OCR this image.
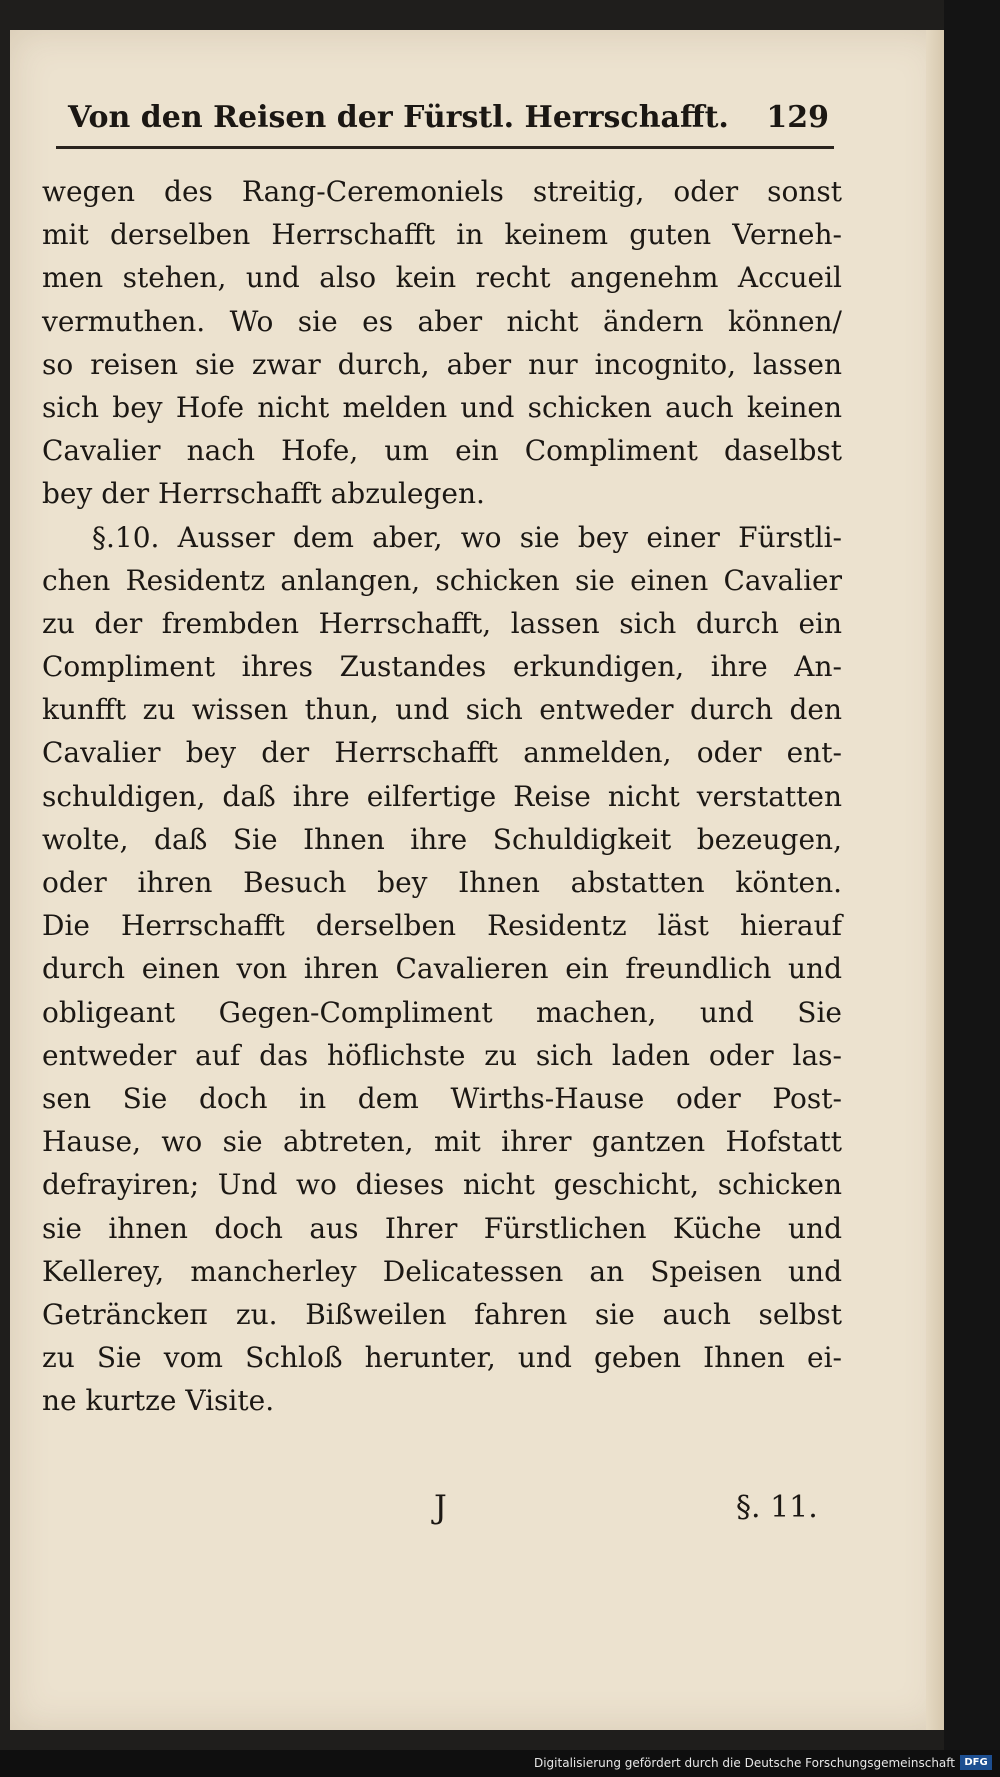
Von den Reisen der Fürstl. Herrschafft. 129
wegen des Rang-Ceremoniels streitig, oder sonst
mit derselben Herrschafft in keinem guten Verneh-
men stehen, und also kein recht angenehm Accueil
vermuthen. Wo sie es aber nicht ändern können/
so reisen sie zwar durch, aber nur incognito, lassen
sich bey Hofe nicht melden und schicken auch keinen
Cavalier nach Hofe, um ein Compliment daselbst
bey der Herrschafft abzulegen.
§.10. Ausser dem aber, wo sie bey einer Fürstli-
chen Residentz anlangen, schicken sie einen Cavalier
zu der frembden Herrschafft, lassen sich durch ein
Compliment ihres Zustandes erkundigen, ihre An-
kunfft zu wissen thun, und sich entweder durch den
Cavalier bey der Herrschafft anmelden, oder ent-
schuldigen, daß ihre eilfertige Reise nicht verstatten
wolte, daß Sie Ihnen ihre Schuldigkeit bezeugen,
oder ihren Besuch bey Ihnen abstatten könten.
Die Herrschafft derselben Residentz läst hierauf
durch einen von ihren Cavalieren ein freundlich und
obligeant Gegen-Compliment machen, und Sie
entweder auf das höflichste zu sich laden oder las-
sen Sie doch in dem Wirths-Hause oder Post-
Hause, wo sie abtreten, mit ihrer gantzen Hofstatt
defrayiren; Und wo dieses nicht geschicht, schicken
sie ihnen doch aus Ihrer Fürstlichen Küche und
Kellerey, mancherley Delicatessen an Speisen und
Getränckeп zu. Bißweilen fahren sie auch selbst
zu Sie vom Schloß herunter, und geben Ihnen ei-
ne kurtze Visite.
J	§. 11.
Digitalisierung gefördert durch die Deutsche Forschungsgemeinschaft DFG
